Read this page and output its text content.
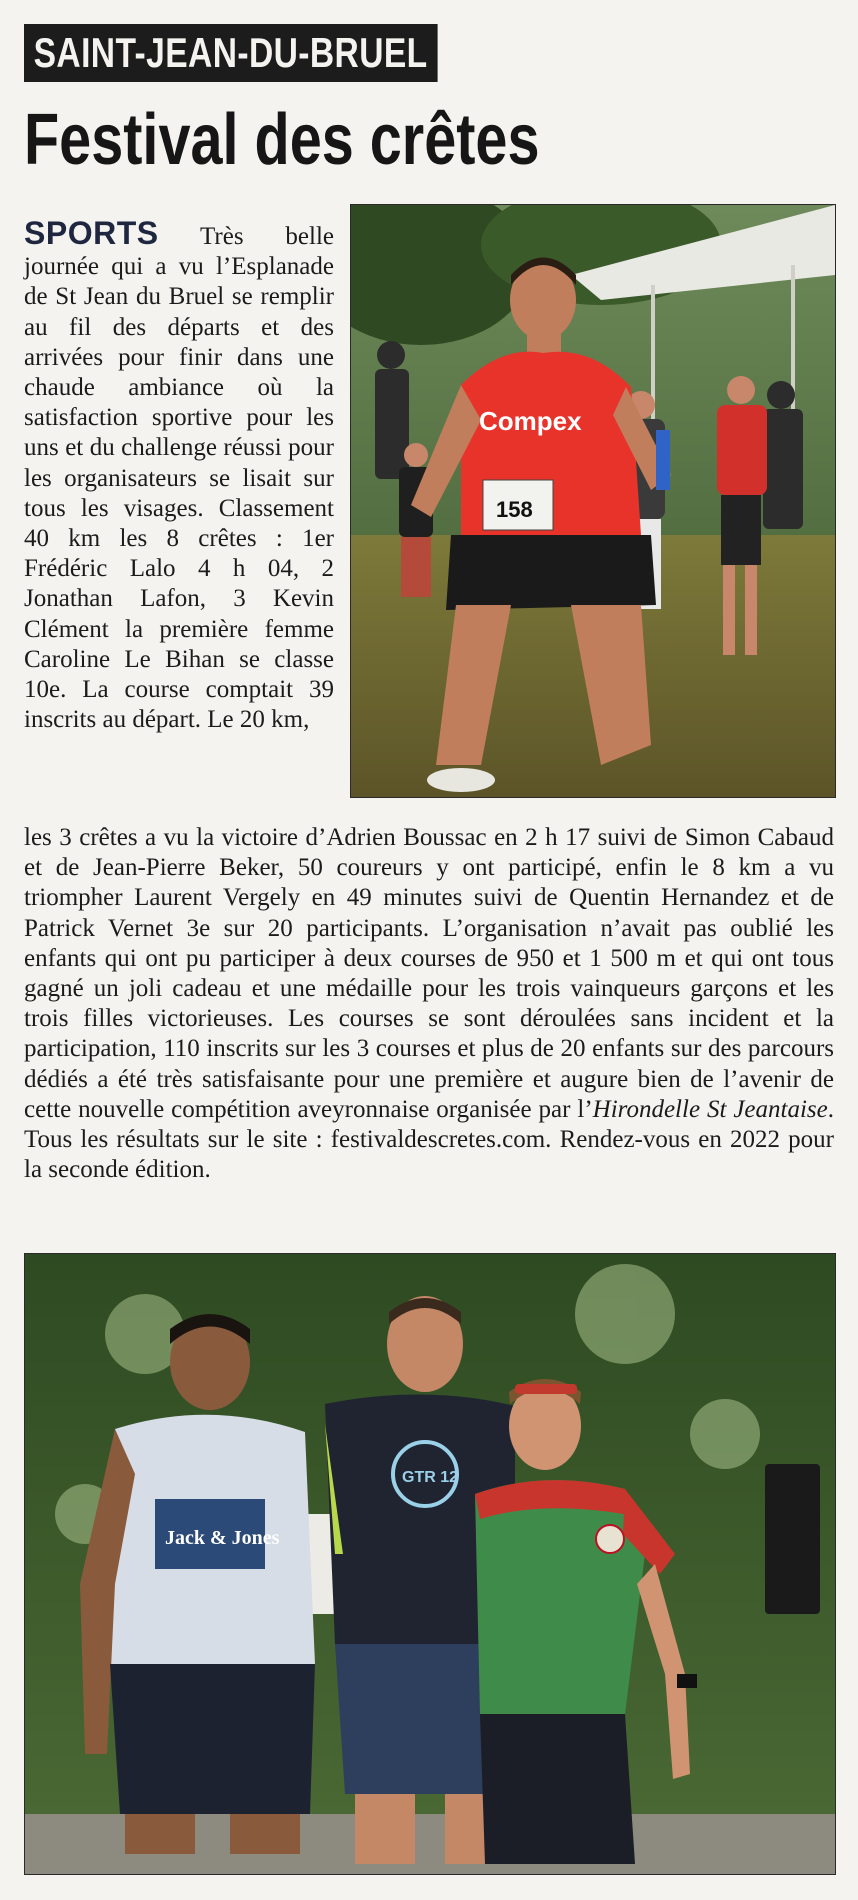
SAINT-JEAN-DU-BRUEL
Festival des crêtes
SPORTS Très belle journée qui a vu l’Esplanade de St Jean du Bruel se remplir au fil des départs et des arrivées pour finir dans une chaude ambiance où la satisfaction sportive pour les uns et du challenge réussi pour les organisateurs se lisait sur tous les visages. Classement 40 km les 8 crêtes : 1er Frédéric Lalo 4 h 04, 2 Jonathan Lafon, 3 Kevin Clément la première femme Caroline Le Bihan se classe 10e. La course comptait 39 inscrits au départ. Le 20 km,
Compex
158
les 3 crêtes a vu la victoire d’Adrien Boussac en 2 h 17 suivi de Simon Cabaud et de Jean-Pierre Beker, 50 coureurs y ont participé, enfin le 8 km a vu triompher Laurent Vergely en 49 minutes suivi de Quentin Hernandez et de Patrick Vernet 3e sur 20 participants. L’organisation n’avait pas oublié les enfants qui ont pu participer à deux courses de 950 et 1 500 m et qui ont tous gagné un joli cadeau et une médaille pour les trois vainqueurs garçons et les trois filles victorieuses. Les courses se sont déroulées sans incident et la participation, 110 inscrits sur les 3 courses et plus de 20 enfants sur des parcours dédiés a été très satisfaisante pour une première et augure bien de l’avenir de cette nouvelle compétition aveyronnaise organisée par l’Hirondelle St Jeantaise. Tous les résultats sur le site : festivaldescretes.com. Rendez-vous en 2022 pour la seconde édition.
Jack & Jones
GTR 12
